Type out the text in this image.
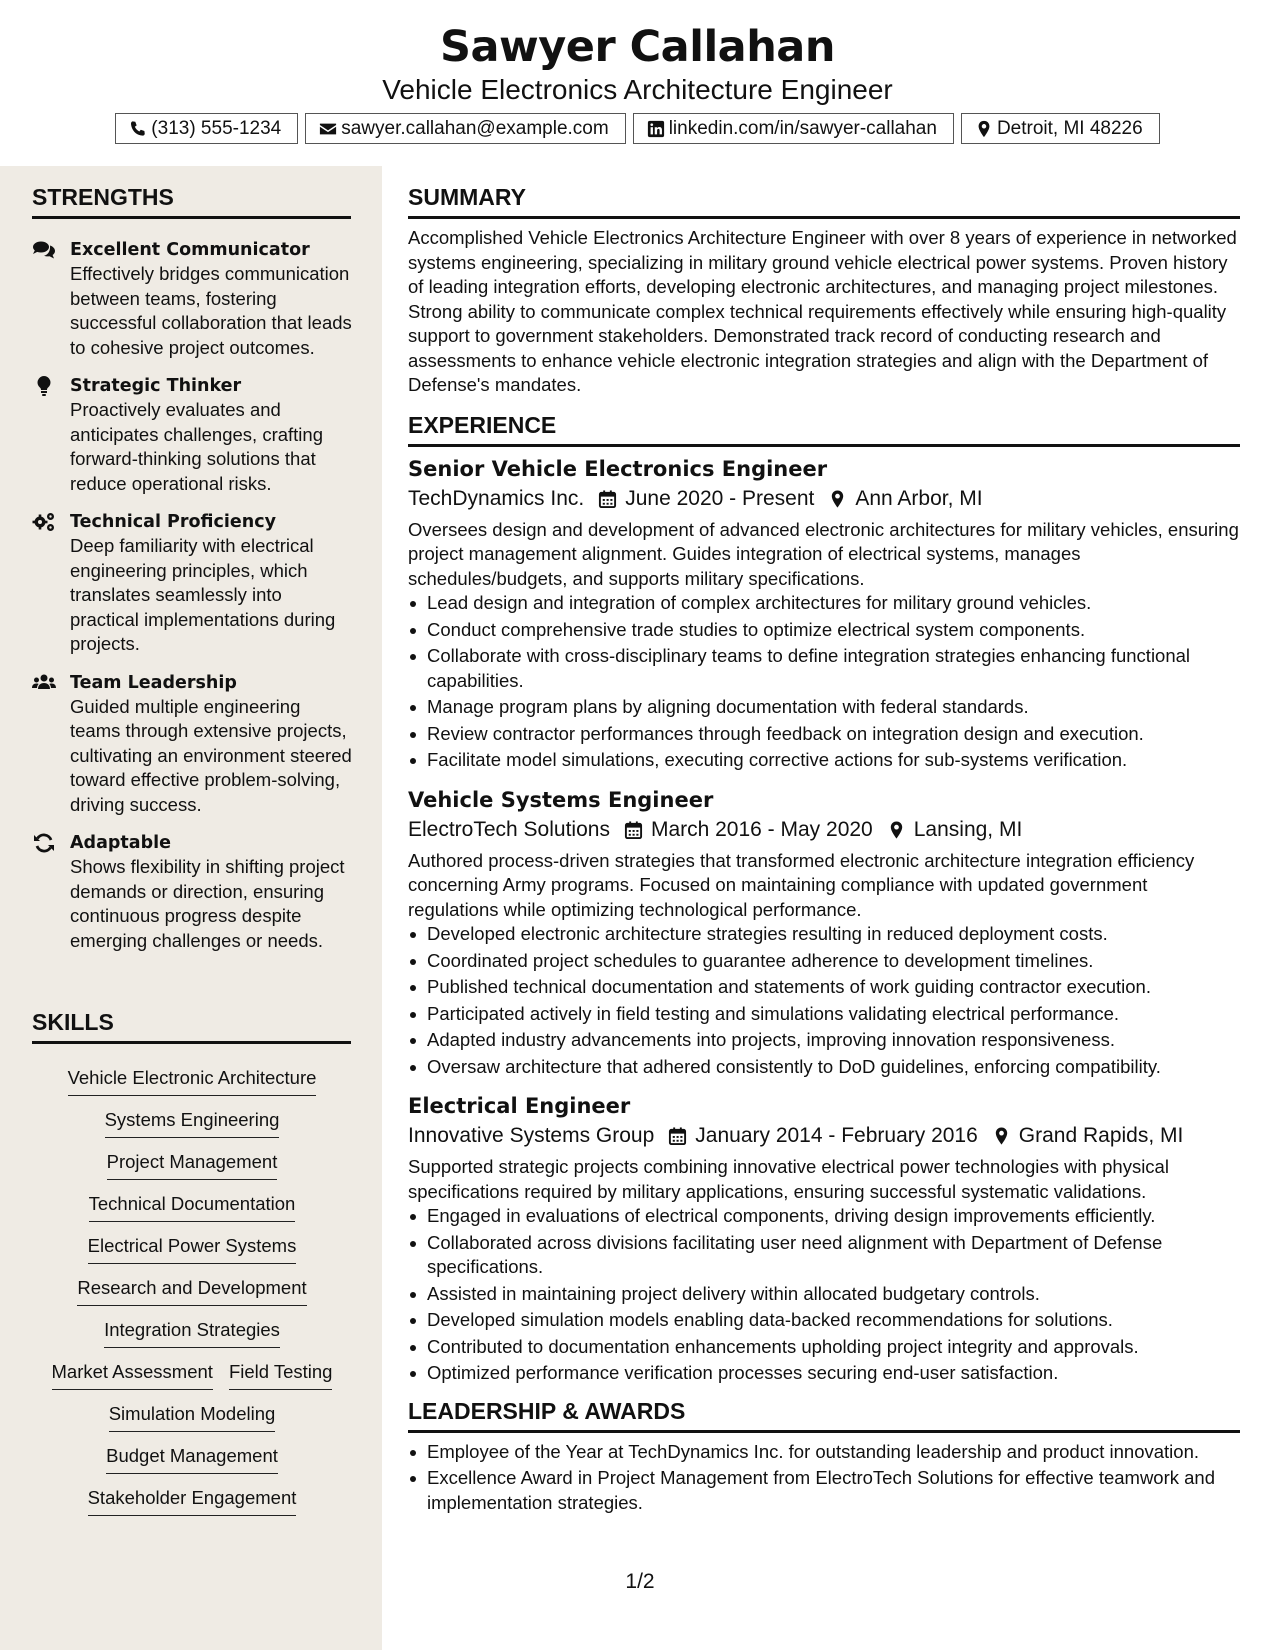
Sawyer Callahan
Vehicle Electronics Architecture Engineer
(313) 555-1234	sawyer.callahan@example.com	linkedin.com/in/sawyer-callahan	Detroit, MI 48226
STRENGTHS
Excellent Communicator
Effectively bridges communication between teams, fostering successful collaboration that leads to cohesive project outcomes.
Strategic Thinker
Proactively evaluates and anticipates challenges, crafting forward-thinking solutions that reduce operational risks.
Technical Proficiency
Deep familiarity with electrical engineering principles, which translates seamlessly into practical implementations during projects.
Team Leadership
Guided multiple engineering teams through extensive projects, cultivating an environment steered toward effective problem-solving, driving success.
Adaptable
Shows flexibility in shifting project demands or direction, ensuring continuous progress despite emerging challenges or needs.
SKILLS
Vehicle Electronic Architecture
Systems Engineering
Project Management
Technical Documentation
Electrical Power Systems
Research and Development
Integration Strategies
Market Assessment Field Testing
Simulation Modeling
Budget Management
Stakeholder Engagement
SUMMARY
Accomplished Vehicle Electronics Architecture Engineer with over 8 years of experience in networked systems engineering, specializing in military ground vehicle electrical power systems. Proven history of leading integration efforts, developing electronic architectures, and managing project milestones. Strong ability to communicate complex technical requirements effectively while ensuring high-quality support to government stakeholders. Demonstrated track record of conducting research and assessments to enhance vehicle electronic integration strategies and align with the Department of Defense's mandates.
EXPERIENCE
Senior Vehicle Electronics Engineer
TechDynamics Inc. June 2020 - Present Ann Arbor, MI
Oversees design and development of advanced electronic architectures for military vehicles, ensuring project management alignment. Guides integration of electrical systems, manages schedules/budgets, and supports military specifications.
Lead design and integration of complex architectures for military ground vehicles.
Conduct comprehensive trade studies to optimize electrical system components.
Collaborate with cross-disciplinary teams to define integration strategies enhancing functional capabilities.
Manage program plans by aligning documentation with federal standards.
Review contractor performances through feedback on integration design and execution.
Facilitate model simulations, executing corrective actions for sub-systems verification.
Vehicle Systems Engineer
ElectroTech Solutions March 2016 - May 2020 Lansing, MI
Authored process-driven strategies that transformed electronic architecture integration efficiency concerning Army programs. Focused on maintaining compliance with updated government regulations while optimizing technological performance.
Developed electronic architecture strategies resulting in reduced deployment costs.
Coordinated project schedules to guarantee adherence to development timelines.
Published technical documentation and statements of work guiding contractor execution.
Participated actively in field testing and simulations validating electrical performance.
Adapted industry advancements into projects, improving innovation responsiveness.
Oversaw architecture that adhered consistently to DoD guidelines, enforcing compatibility.
Electrical Engineer
Innovative Systems Group January 2014 - February 2016 Grand Rapids, MI
Supported strategic projects combining innovative electrical power technologies with physical specifications required by military applications, ensuring successful systematic validations.
Engaged in evaluations of electrical components, driving design improvements efficiently.
Collaborated across divisions facilitating user need alignment with Department of Defense specifications.
Assisted in maintaining project delivery within allocated budgetary controls.
Developed simulation models enabling data-backed recommendations for solutions.
Contributed to documentation enhancements upholding project integrity and approvals.
Optimized performance verification processes securing end-user satisfaction.
LEADERSHIP & AWARDS
Employee of the Year at TechDynamics Inc. for outstanding leadership and product innovation.
Excellence Award in Project Management from ElectroTech Solutions for effective teamwork and implementation strategies.
1/2
